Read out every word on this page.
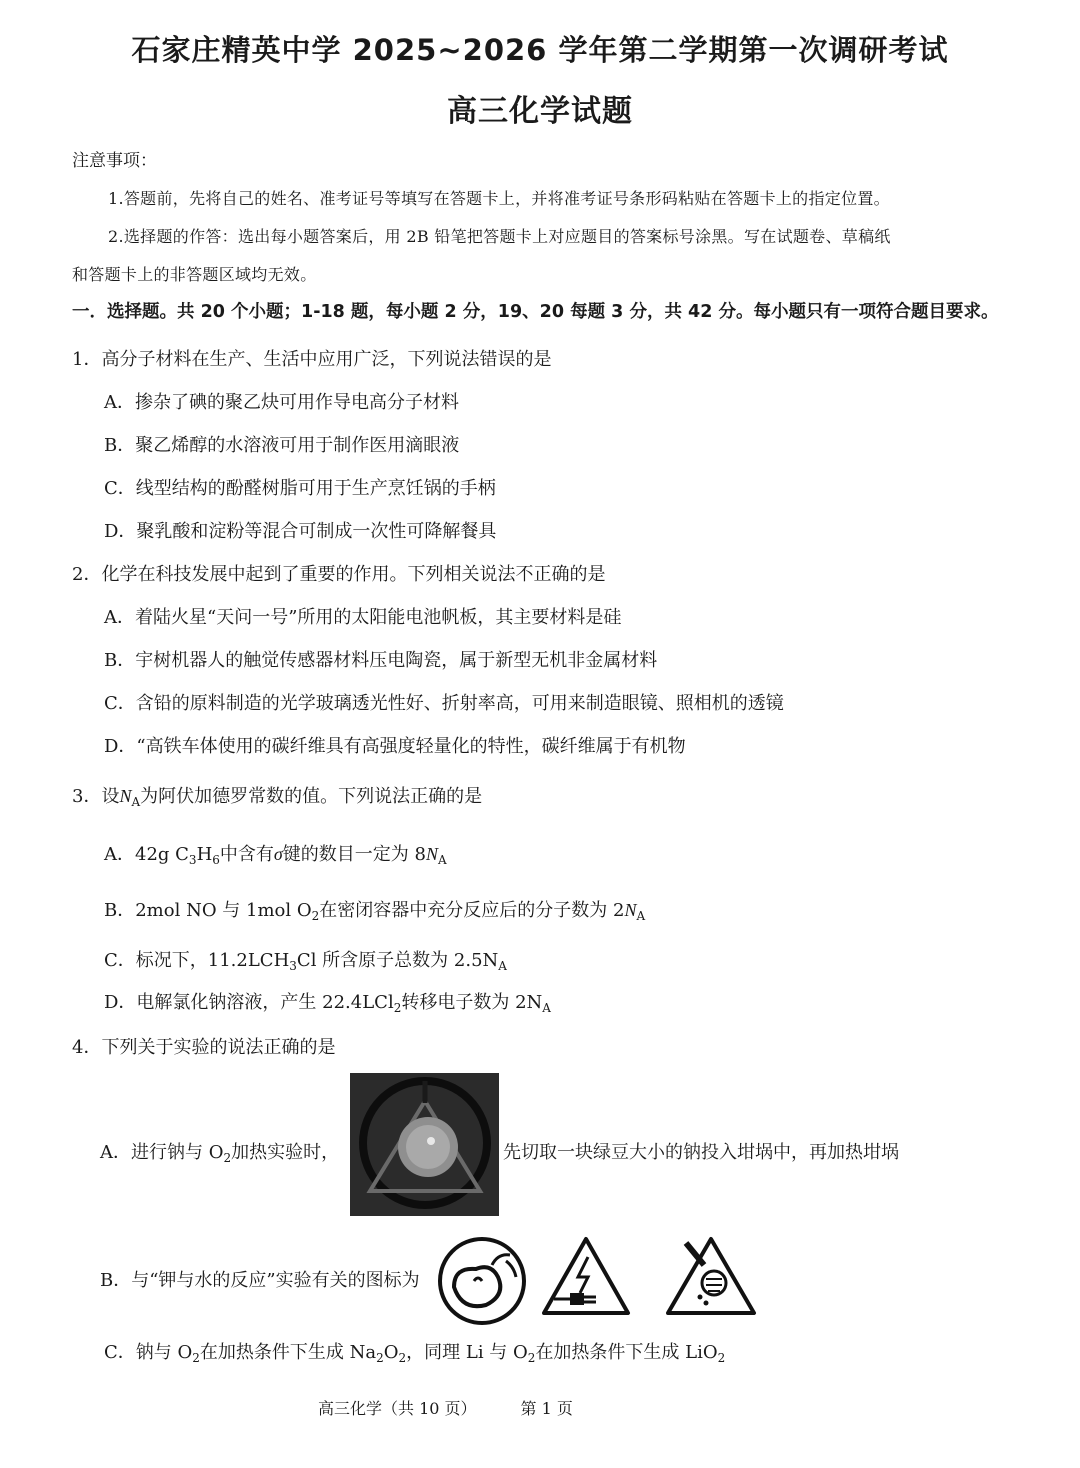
石家庄精英中学 2025~2026 学年第二学期第一次调研考试
高三化学试题
注意事项：
1.答题前，先将自己的姓名、准考证号等填写在答题卡上，并将准考证号条形码粘贴在答题卡上的指定位置。
2.选择题的作答：选出每小题答案后，用 2B 铅笔把答题卡上对应题目的答案标号涂黑。写在试题卷、草稿纸
和答题卡上的非答题区域均无效。
一．选择题。共 20 个小题；1-18 题，每小题 2 分，19、20 每题 3 分，共 42 分。每小题只有一项符合题目要求。
1．高分子材料在生产、生活中应用广泛，下列说法错误的是
A．掺杂了碘的聚乙炔可用作导电高分子材料
B．聚乙烯醇的水溶液可用于制作医用滴眼液
C．线型结构的酚醛树脂可用于生产烹饪锅的手柄
D．聚乳酸和淀粉等混合可制成一次性可降解餐具
2．化学在科技发展中起到了重要的作用。下列相关说法不正确的是
A．着陆火星“天问一号”所用的太阳能电池帆板，其主要材料是硅
B．宇树机器人的触觉传感器材料压电陶瓷，属于新型无机非金属材料
C．含铅的原料制造的光学玻璃透光性好、折射率高，可用来制造眼镜、照相机的透镜
D．“高铁车体使用的碳纤维具有高强度轻量化的特性，碳纤维属于有机物
3．设$N_A$为阿伏加德罗常数的值。下列说法正确的是
A．42g $C_3H_6$中含有σ键的数目一定为 $8N_A$
B．2mol NO 与 1mol $O_2$在密闭容器中充分反应后的分子数为 $2N_A$
C．标况下，$11.2LCH_3Cl$ 所含原子总数为 $2.5N_A$
D．电解氯化钠溶液，产生 22.4LCl$_2$转移电子数为 $2N_A$
4．下列关于实验的说法正确的是
A．进行钠与 $O_2$加热实验时，	先切取一块绿豆大小的钠投入坩埚中，再加热坩埚
B．与“钾与水的反应”实验有关的图标为
C．钠与 $O_2$在加热条件下生成 $Na_2O_2$，同理 Li 与 $O_2$在加热条件下生成 LiO$_2$
高三化学（共 10 页）	第 1 页
